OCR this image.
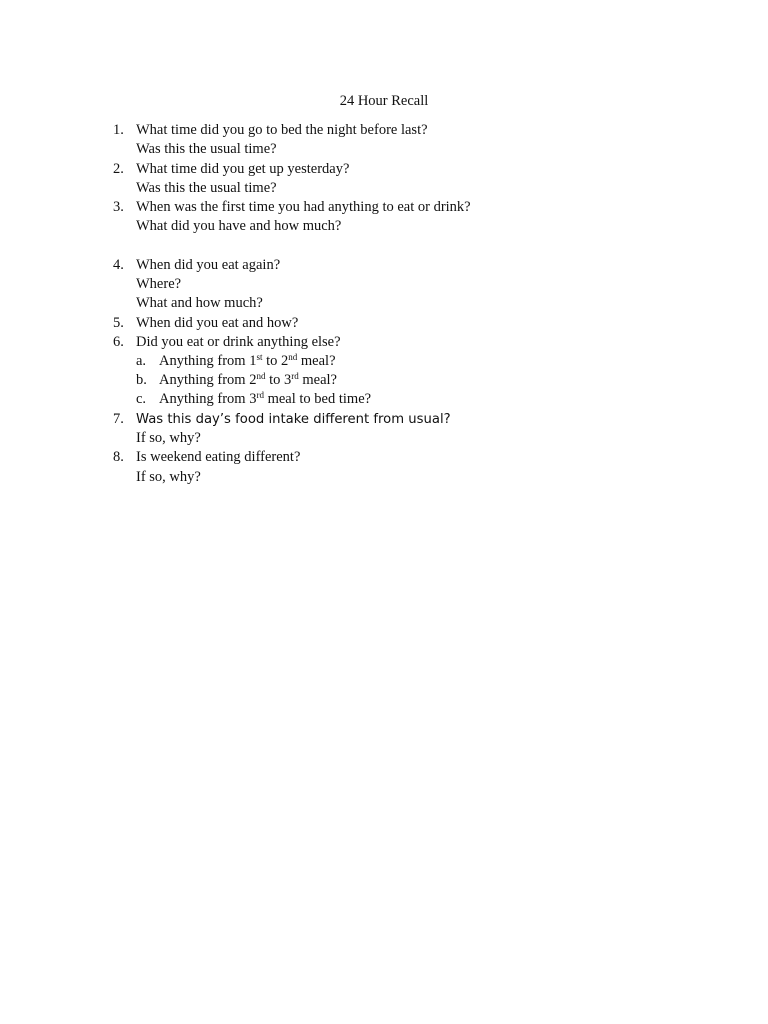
24 Hour Recall
1. What time did you go to bed the night before last?
Was this the usual time?
2. What time did you get up yesterday?
Was this the usual time?
3. When was the first time you had anything to eat or drink?
What did you have and how much?
4. When did you eat again?
Where?
What and how much?
5. When did you eat and how?
6. Did you eat or drink anything else?
a. Anything from 1st to 2nd meal?
b. Anything from 2nd to 3rd meal?
c. Anything from 3rd meal to bed time?
7. Was this day’s food intake different from usual?
If so, why?
8. Is weekend eating different?
If so, why?
